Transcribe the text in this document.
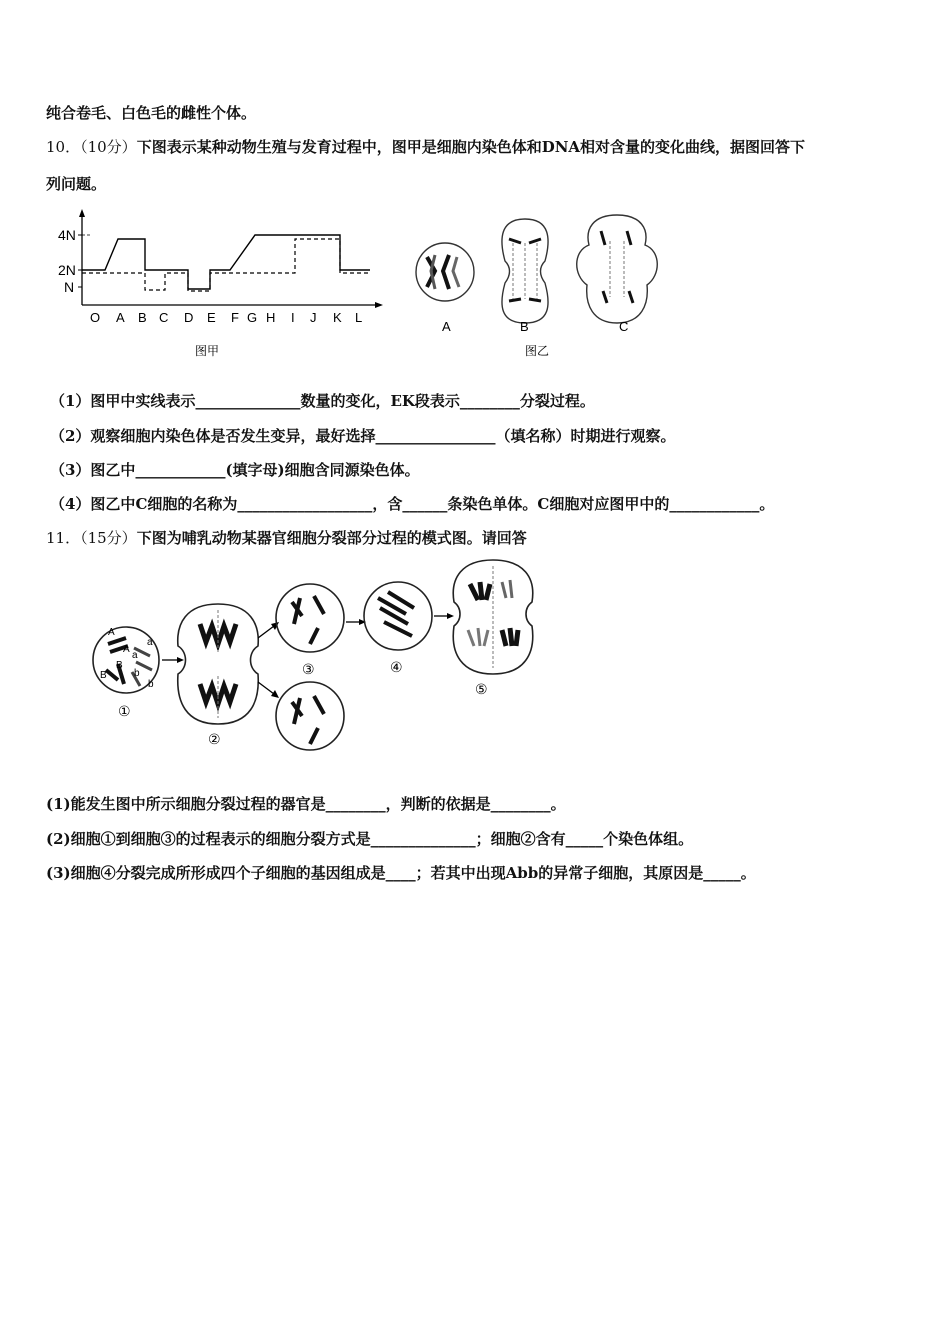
纯合卷毛、白色毛的雌性个体。
10．（10分）下图表示某种动物生殖与发育过程中，图甲是细胞内染色体和DNA相对含量的变化曲线，据图回答下
列问题。
4N
2N
N
O A B C D E F G H I J K L
图甲
A	B	C
图乙
（1）图甲中实线表示______________数量的变化，EK段表示________分裂过程。
（2）观察细胞内染色体是否发生变异，最好选择________________（填名称）时期进行观察。
（3）图乙中____________(填字母)细胞含同源染色体。
（4）图乙中C细胞的名称为__________________，含______条染色单体。C细胞对应图甲中的____________。
11．（15分）下图为哺乳动物某器官细胞分裂部分过程的模式图。请回答
A
a
A
a
B
B	b
b
①
②
③	④
⑤
(1)能发生图中所示细胞分裂过程的器官是________，判断的依据是________。
(2)细胞①到细胞③的过程表示的细胞分裂方式是______________；细胞②含有_____个染色体组。
(3)细胞④分裂完成所形成四个子细胞的基因组成是____；若其中出现Abb的异常子细胞，其原因是_____。
